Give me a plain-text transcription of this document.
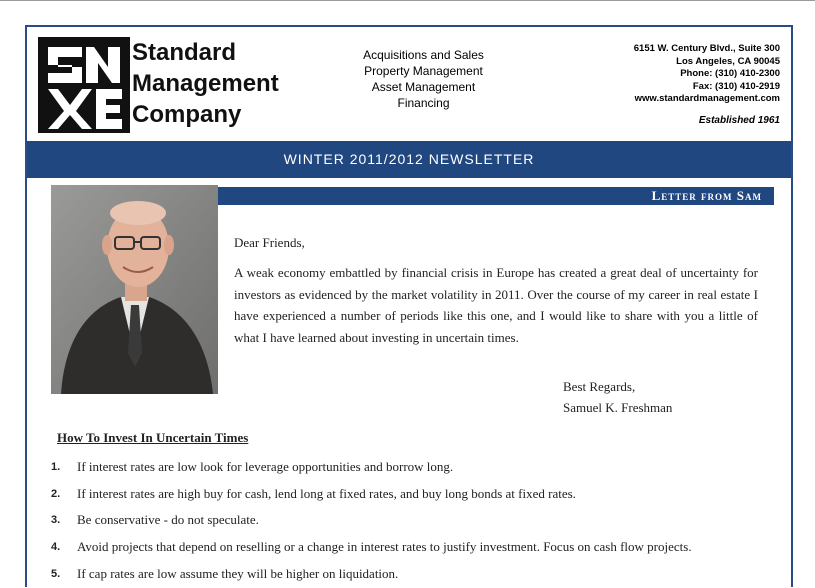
Standard
Management
Company
Acquisitions and Sales
Property Management
Asset Management
Financing
6151 W. Century Blvd., Suite 300
Los Angeles, CA 90045
Phone: (310) 410-2300
Fax: (310) 410-2919
www.standardmanagement.com
Established 1961
WINTER 2011/2012 NEWSLETTER
Letter from Sam
Dear Friends,
A weak economy embattled by financial crisis in Europe has created a great deal of uncertainty for investors as evidenced by the market volatility in 2011. Over the course of my career in real estate I have experienced a number of periods like this one, and I would like to share with you a little of what I have learned about investing in uncertain times.
Best Regards,
Samuel K. Freshman
How To Invest In Uncertain Times
1.	If interest rates are low look for leverage opportunities and borrow long.
2.	If interest rates are high buy for cash, lend long at fixed rates, and buy long bonds at fixed rates.
3.	Be conservative - do not speculate.
4.	Avoid projects that depend on reselling or a change in interest rates to justify investment. Focus on cash flow projects.
5.	If cap rates are low assume they will be higher on liquidation.
